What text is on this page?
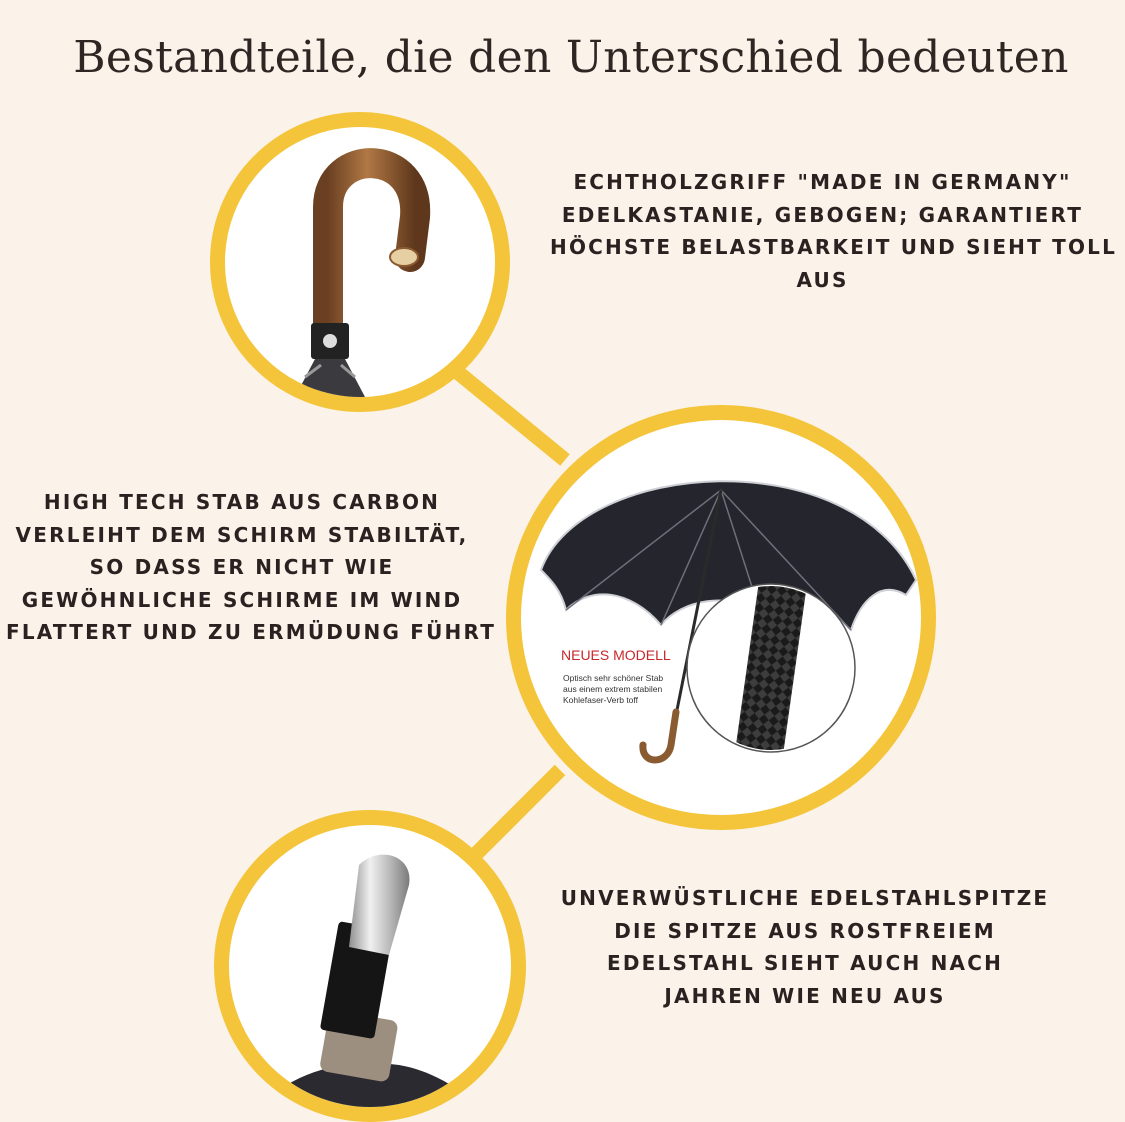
Bestandteile, die den Unterschied bedeuten
NEUES MODELL
Optisch sehr schöner Stab
aus einem extrem stabilen
Kohlefaser-Verb toff
ECHTHOLZGRIFF "MADE IN GERMANY"
EDELKASTANIE, GEBOGEN; GARANTIERT
HÖCHSTE BELASTBARKEIT UND SIEHT TOLL
AUS
HIGH TECH STAB AUS CARBON
VERLEIHT DEM SCHIRM STABILTÄT,
SO DASS ER NICHT WIE
GEWÖHNLICHE SCHIRME IM WIND
FLATTERT UND ZU ERMÜDUNG FÜHRT
UNVERWÜSTLICHE EDELSTAHLSPITZE
DIE SPITZE AUS ROSTFREIEM
EDELSTAHL SIEHT AUCH NACH
JAHREN WIE NEU AUS
